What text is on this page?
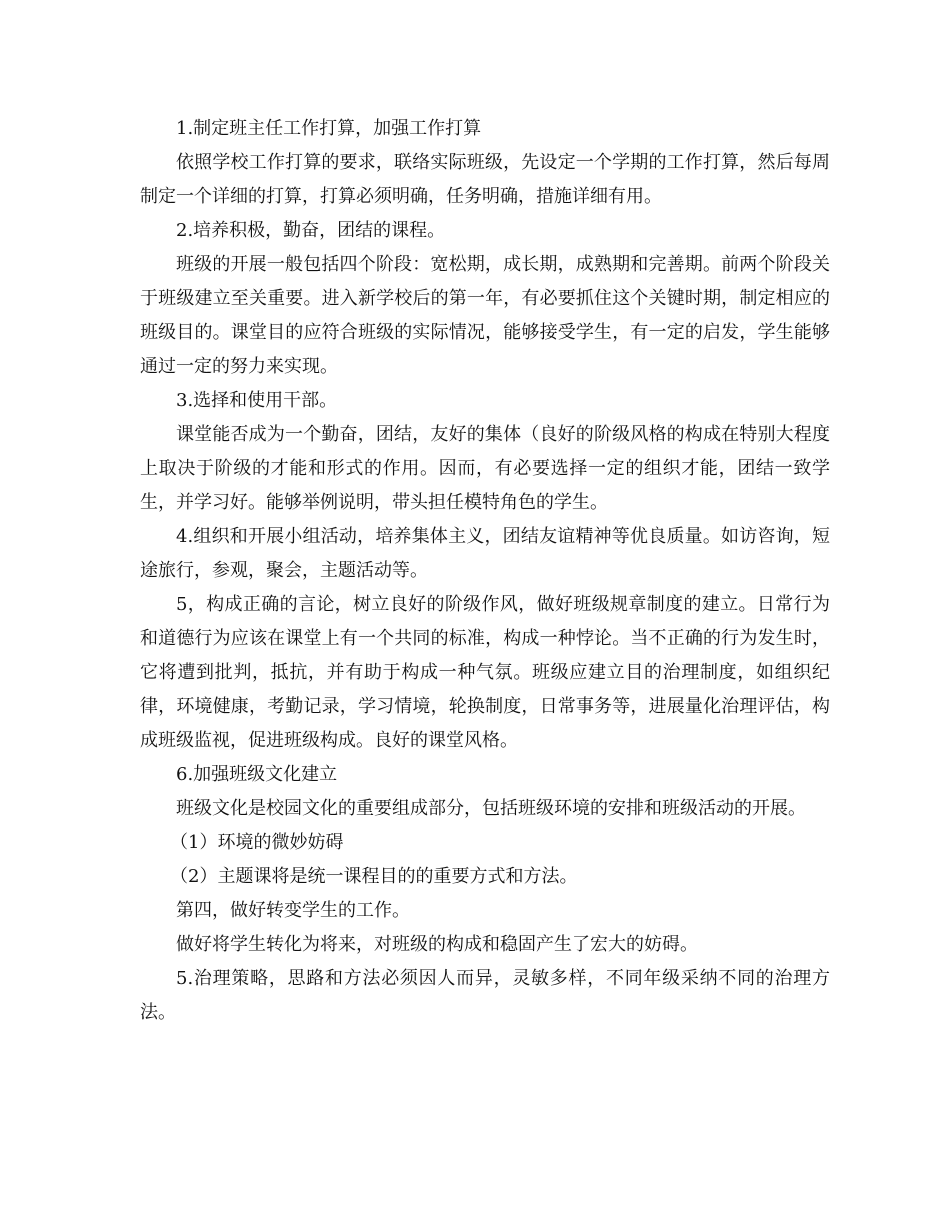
1.制定班主任工作打算，加强工作打算

依照学校工作打算的要求，联络实际班级，先设定一个学期的工作打算，然后每周制定一个详细的打算，打算必须明确，任务明确，措施详细有用。

2.培养积极，勤奋，团结的课程。

班级的开展一般包括四个阶段：宽松期，成长期，成熟期和完善期。前两个阶段关于班级建立至关重要。进入新学校后的第一年，有必要抓住这个关键时期，制定相应的班级目的。课堂目的应符合班级的实际情况，能够接受学生，有一定的启发，学生能够通过一定的努力来实现。

3.选择和使用干部。

课堂能否成为一个勤奋，团结，友好的集体（良好的阶级风格的构成在特别大程度上取决于阶级的才能和形式的作用。因而，有必要选择一定的组织才能，团结一致学生，并学习好。能够举例说明，带头担任模特角色的学生。

4.组织和开展小组活动，培养集体主义，团结友谊精神等优良质量。如访咨询，短途旅行，参观，聚会，主题活动等。

5，构成正确的言论，树立良好的阶级作风，做好班级规章制度的建立。日常行为和道德行为应该在课堂上有一个共同的标准，构成一种悖论。当不正确的行为发生时，它将遭到批判，抵抗，并有助于构成一种气氛。班级应建立目的治理制度，如组织纪律，环境健康，考勤记录，学习情境，轮换制度，日常事务等，进展量化治理评估，构成班级监视，促进班级构成。良好的课堂风格。

6.加强班级文化建立

班级文化是校园文化的重要组成部分，包括班级环境的安排和班级活动的开展。

（1）环境的微妙妨碍

（2）主题课将是统一课程目的的重要方式和方法。

第四，做好转变学生的工作。

做好将学生转化为将来，对班级的构成和稳固产生了宏大的妨碍。

5.治理策略，思路和方法必须因人而异，灵敏多样，不同年级采纳不同的治理方法。
